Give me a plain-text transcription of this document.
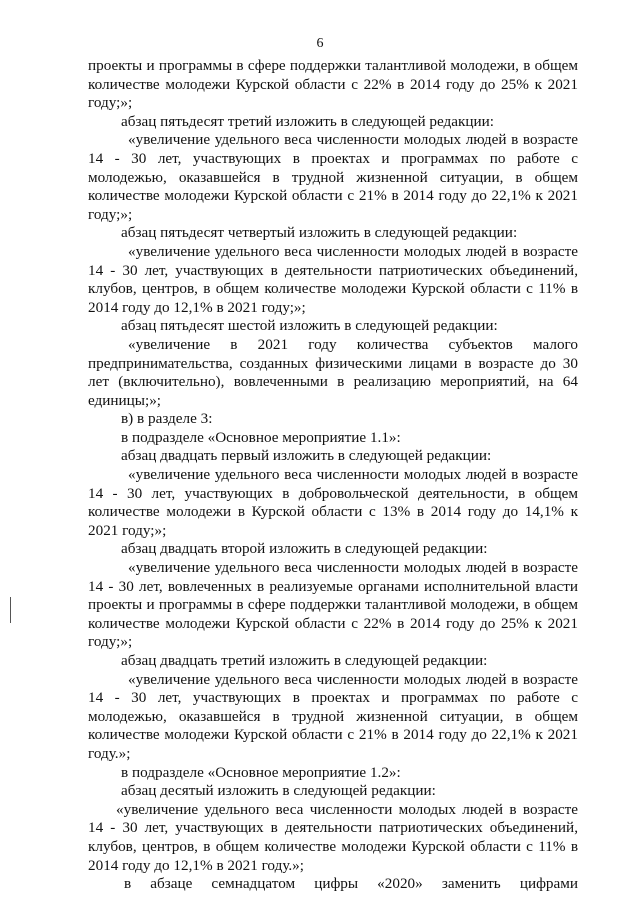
6
проекты и программы в сфере поддержки талантливой молодежи, в общем
количестве молодежи Курской области с 22% в 2014 году до 25% к 2021
году;»;
абзац пятьдесят третий изложить в следующей редакции:
«увеличение удельного веса численности молодых людей в возрасте
14 - 30 лет, участвующих в проектах и программах по работе с
молодежью, оказавшейся в трудной жизненной ситуации, в общем
количестве молодежи Курской области с 21% в 2014 году до 22,1% к 2021
году;»;
абзац пятьдесят четвертый изложить в следующей редакции:
«увеличение удельного веса численности молодых людей в возрасте
14 - 30 лет, участвующих в деятельности патриотических объединений,
клубов, центров, в общем количестве молодежи Курской области с 11% в
2014 году до 12,1% в 2021 году;»;
абзац пятьдесят шестой изложить в следующей редакции:
«увеличение в 2021 году количества субъектов малого
предпринимательства, созданных физическими лицами в возрасте до 30
лет (включительно), вовлеченными в реализацию мероприятий, на 64
единицы;»;
в) в разделе 3:
в подразделе «Основное мероприятие 1.1»:
абзац двадцать первый изложить в следующей редакции:
«увеличение удельного веса численности молодых людей в возрасте
14 - 30 лет, участвующих в добровольческой деятельности, в общем
количестве молодежи в Курской области с 13% в 2014 году до 14,1% к
2021 году;»;
абзац двадцать второй изложить в следующей редакции:
«увеличение удельного веса численности молодых людей в возрасте
14 - 30 лет, вовлеченных в реализуемые органами исполнительной власти
проекты и программы в сфере поддержки талантливой молодежи, в общем
количестве молодежи Курской области с 22% в 2014 году до 25% к 2021
году;»;
абзац двадцать третий изложить в следующей редакции:
«увеличение удельного веса численности молодых людей в возрасте
14 - 30 лет, участвующих в проектах и программах по работе с
молодежью, оказавшейся в трудной жизненной ситуации, в общем
количестве молодежи Курской области с 21% в 2014 году до 22,1% к 2021
году.»;
в подразделе «Основное мероприятие 1.2»:
абзац десятый изложить в следующей редакции:
«увеличение удельного веса численности молодых людей в возрасте
14 - 30 лет, участвующих в деятельности патриотических объединений,
клубов, центров, в общем количестве молодежи Курской области с 11% в
2014 году до 12,1% в 2021 году.»;
в абзаце семнадцатом цифры «2020» заменить цифрами
